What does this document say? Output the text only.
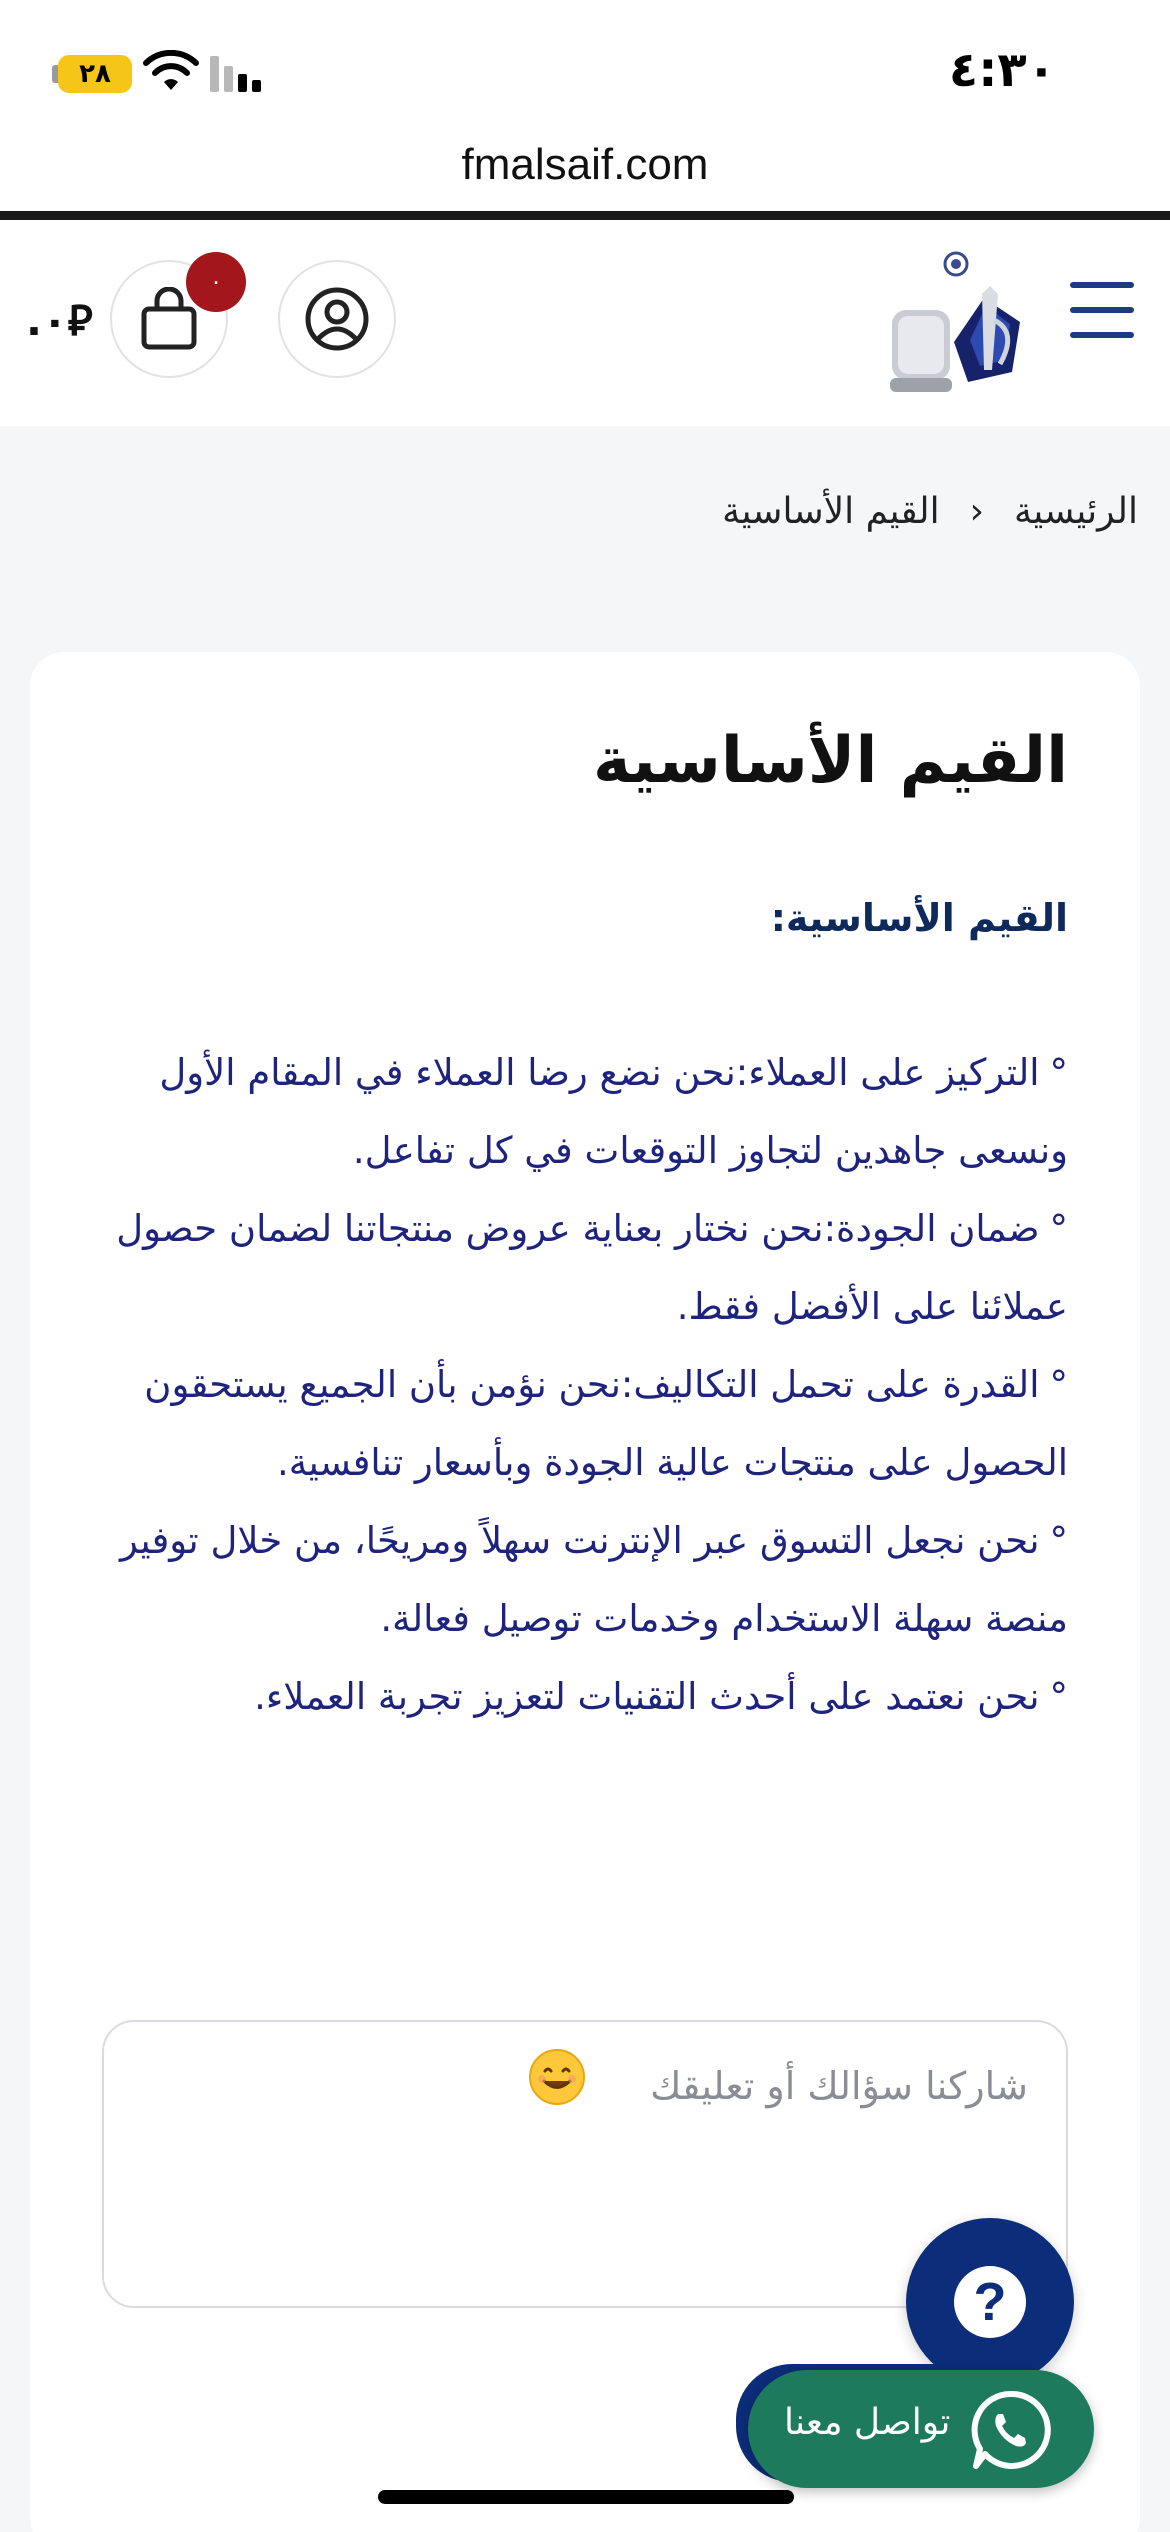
٤:٣٠
٢٨
fmalsaif.com
٠
⃁٠.
الرئيسية
›
القيم الأساسية
القيم الأساسية
القيم الأساسية:
° التركيز على العملاء:نحن نضع رضا العملاء في المقام الأول ونسعى جاهدين لتجاوز التوقعات في كل تفاعل.
° ضمان الجودة:نحن نختار بعناية عروض منتجاتنا لضمان حصول عملائنا على الأفضل فقط.
° القدرة على تحمل التكاليف:نحن نؤمن بأن الجميع يستحقون الحصول على منتجات عالية الجودة وبأسعار تنافسية.
° نحن نجعل التسوق عبر الإنترنت سهلاً ومريحًا، من خلال توفير منصة سهلة الاستخدام وخدمات توصيل فعالة.
° نحن نعتمد على أحدث التقنيات لتعزيز تجربة العملاء.
شاركنا سؤالك أو تعليقك
?
تواصل معنا
